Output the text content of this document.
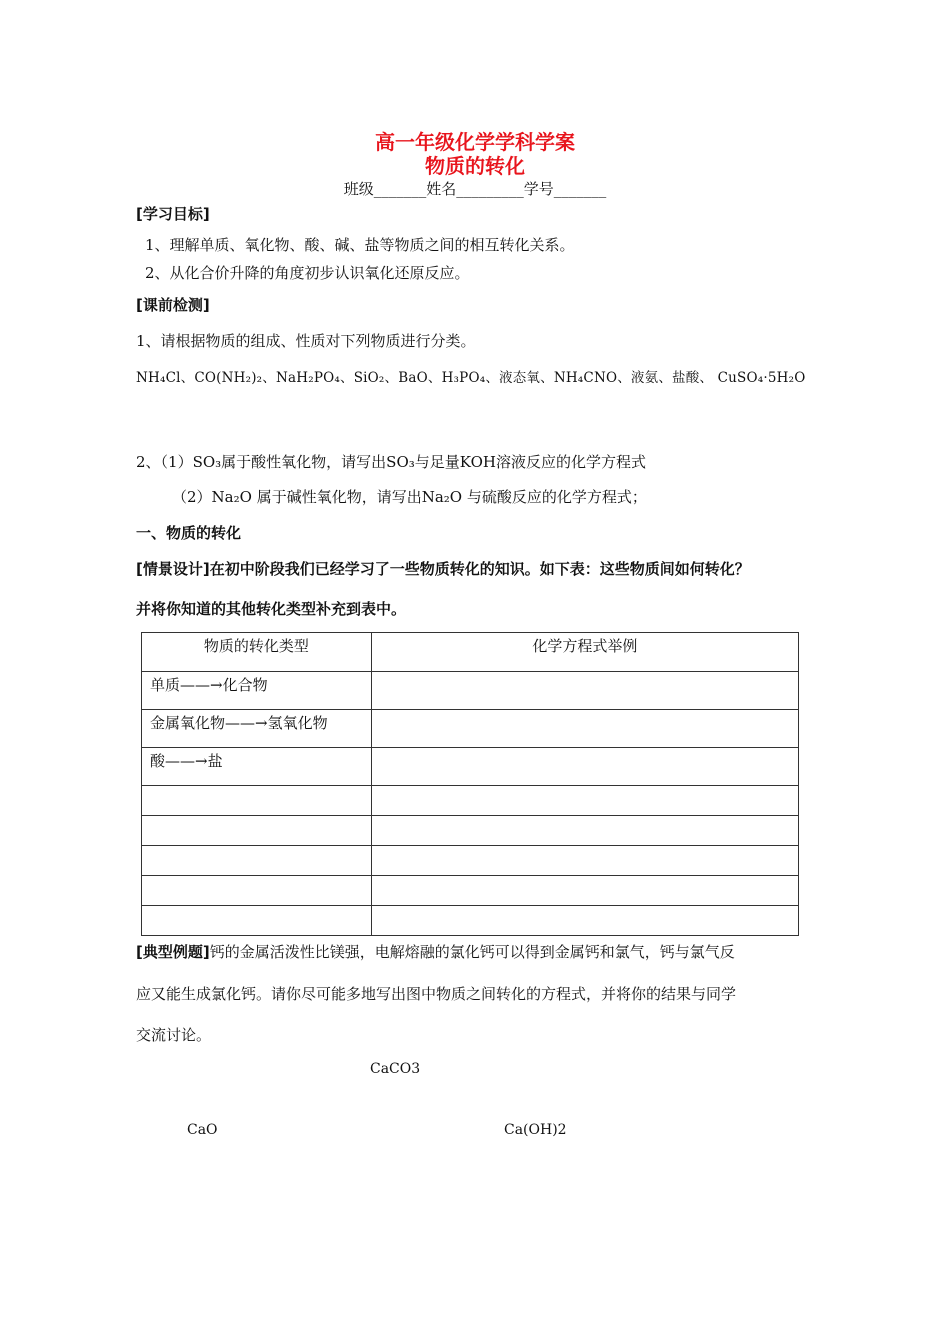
高一年级化学学科学案
物质的转化
班级_______姓名_________学号_______
[学习目标]
1、理解单质、氧化物、酸、碱、盐等物质之间的相互转化关系。
2、从化合价升降的角度初步认识氧化还原反应。
[课前检测]
1、请根据物质的组成、性质对下列物质进行分类。
NH₄Cl、CO(NH₂)₂、NaH₂PO₄、SiO₂、BaO、H₃PO₄、液态氧、NH₄CNO、液氨、盐酸、 CuSO₄·5H₂O
2、（1）SO₃属于酸性氧化物，请写出SO₃与足量KOH溶液反应的化学方程式
（2）Na₂O 属于碱性氧化物，请写出Na₂O 与硫酸反应的化学方程式；
一、物质的转化
[情景设计]在初中阶段我们已经学习了一些物质转化的知识。如下表：这些物质间如何转化？
并将你知道的其他转化类型补充到表中。
物质的转化类型	化学方程式举例
单质——→化合物	
金属氧化物——→氢氧化物	
酸——→盐	

[典型例题]钙的金属活泼性比镁强，电解熔融的氯化钙可以得到金属钙和氯气，钙与氯气反
应又能生成氯化钙。请你尽可能多地写出图中物质之间转化的方程式，并将你的结果与同学
交流讨论。
CaCO3
CaO	Ca(OH)2
